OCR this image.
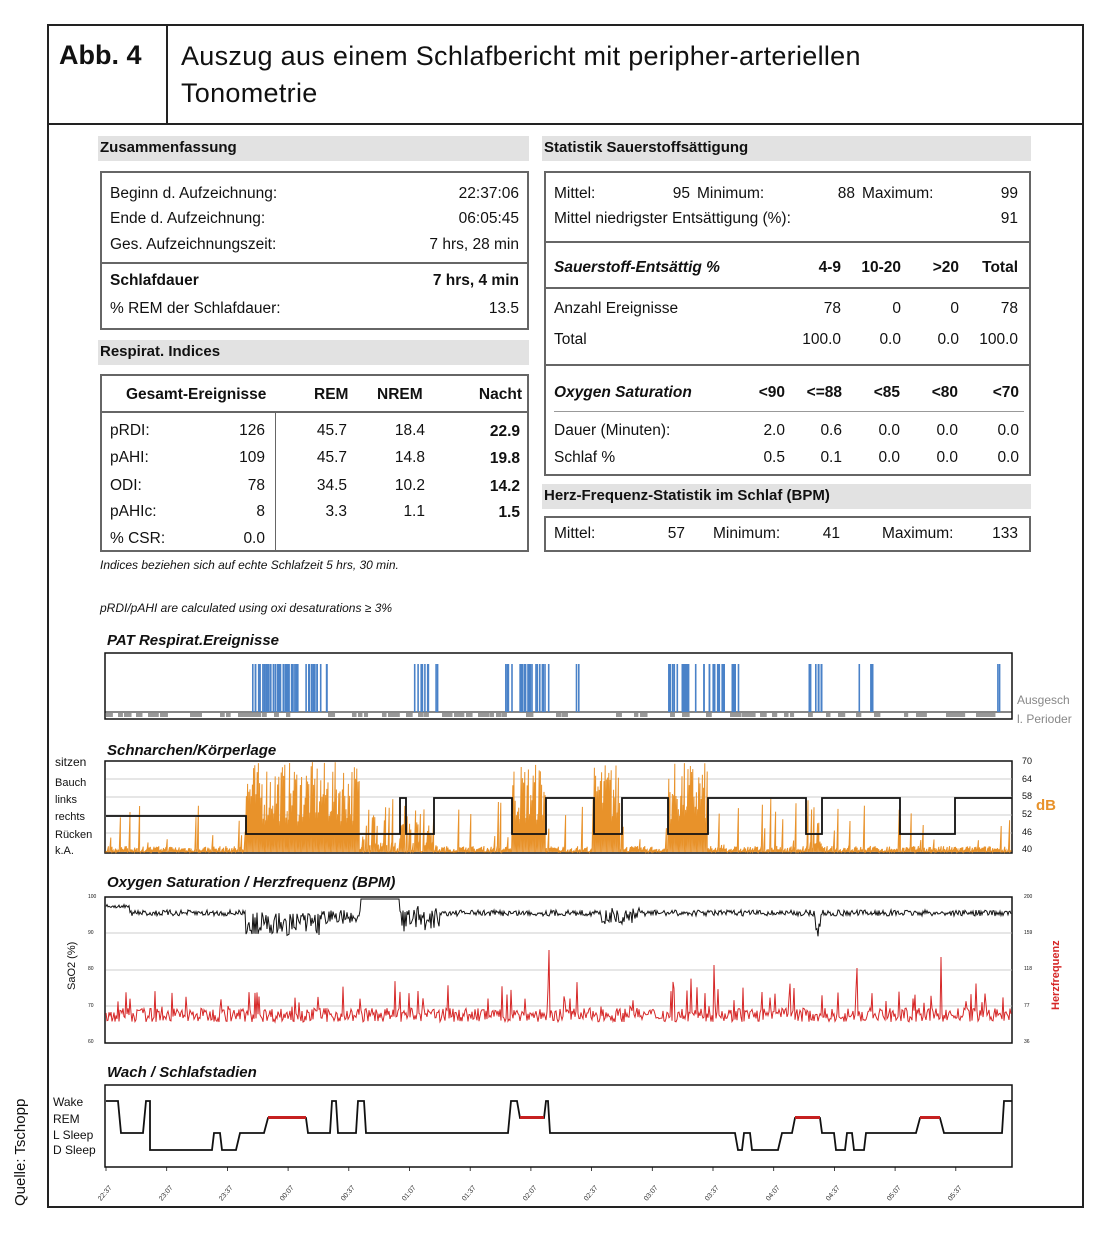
Abb. 4	Auszug aus einem Schlafbericht mit peripher-arteriellen
Tonometrie
Quelle: Tschopp
Zusammenfassung
Beginn d. Aufzeichnung:	22:37:06
Ende d. Aufzeichnung:	06:05:45
Ges. Aufzeichnungszeit:	7 hrs, 28 min
Schlafdauer	7 hrs, 4 min
% REM der Schlafdauer:	13.5
Respirat. Indices
Gesamt-Ereignisse	REM NREM	Nacht
pRDI:	126	45.7	18.4	22.9
pAHI:	109	45.7	14.8	19.8
ODI:	78	34.5	10.2	14.2
pAHIc:	8	3.3	1.1	1.5
% CSR:	0.0
Indices beziehen sich auf echte Schlafzeit 5 hrs, 30 min.
pRDI/pAHI are calculated using oxi desaturations ≥ 3%
Statistik Sauerstoffsättigung
Mittel:	95 Minimum:	88 Maximum:	99
Mittel niedrigster Entsättigung (%):	91
Sauerstoff-Entsättig %	4-9	10-20	>20	Total
Anzahl Ereignisse	78	0	0	78
Total	100.0	0.0	0.0	100.0
Oxygen Saturation	<90	<=88	<85	<80	<70
Dauer (Minuten):	2.0	0.6	0.0	0.0	0.0
Schlaf %	0.5	0.1	0.0	0.0	0.0
Herz-Frequenz-Statistik im Schlaf (BPM)
Mittel:	57 Minimum:	41	Maximum:	133
PAT Respirat.Ereignisse
Ausgesch
l. Perioder
Schnarchen/Körperlage
sitzen
Bauch
links
rechts
Rücken
k.A.
70
64
58
52
46
40
dB
Oxygen Saturation / Herzfrequenz (BPM)
SaO2 (%)	Herzfrequenz
100
90
80
70
60
200
159
118
77
36
Wach / Schlafstadien
Wake
REM
L Sleep
D Sleep
22:37	23:07	23:37	00:07	00:37	01:07	01:37	02:07	02:37	03:07	03:37	04:07	04:37	05:07	05:37
